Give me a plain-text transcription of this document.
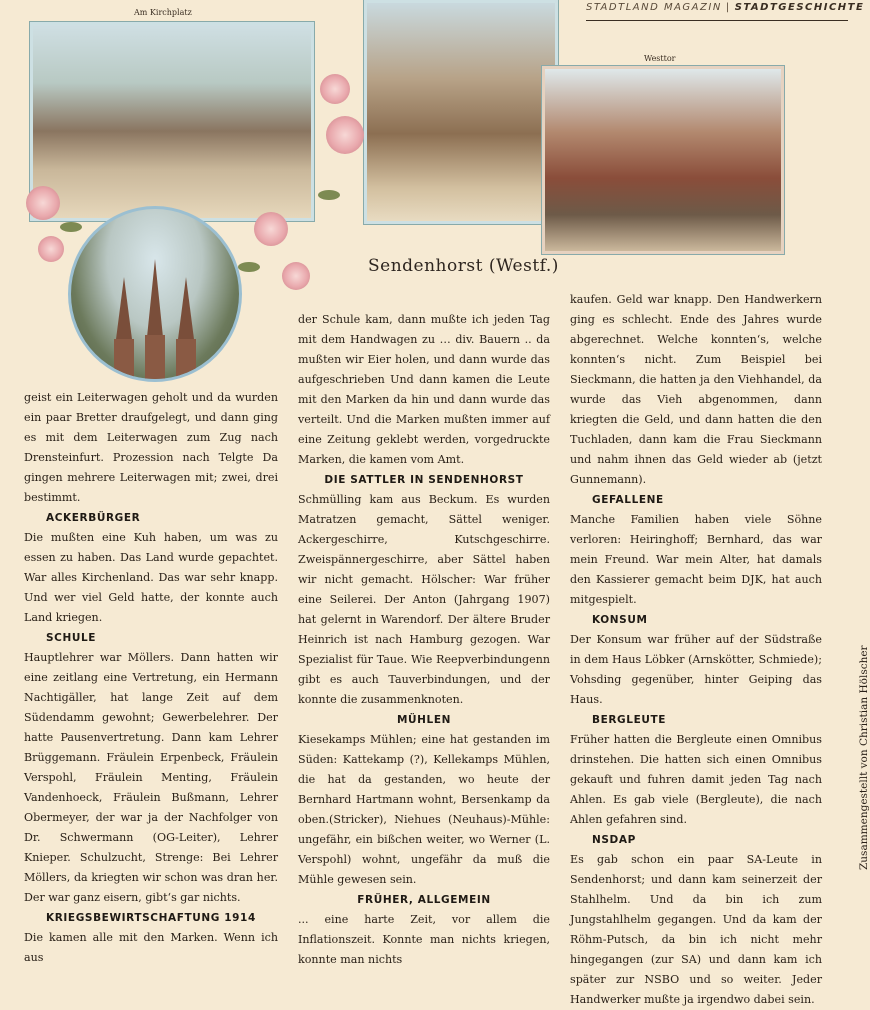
STADTLAND MAGAZIN | STADTGESCHICHTE
Am Kirchplatz
Westtor
Sendenhorst (Westf.)

geist ein Leiterwagen geholt und da wurden ein paar Bretter draufgelegt, und dann ging es mit dem Leiterwagen zum Zug nach Drensteinfurt. Prozession nach Telgte Da gingen mehrere Leiterwagen mit; zwei, drei bestimmt.

ACKERBÜRGER

Die mußten eine Kuh haben, um was zu essen zu haben. Das Land wurde gepachtet. War alles Kirchenland. Das war sehr knapp. Und wer viel Geld hatte, der konnte auch Land kriegen.

SCHULE

Hauptlehrer war Möllers. Dann hatten wir eine zeitlang eine Vertretung, ein Hermann Nachtigäller, hat lange Zeit auf dem Südendamm gewohnt; Gewerbelehrer. Der hatte Pausenvertretung. Dann kam Lehrer Brüggemann. Fräulein Erpenbeck, Fräulein Verspohl, Fräulein Menting, Fräulein Vandenhoeck, Fräulein Bußmann, Lehrer Obermeyer, der war ja der Nachfolger von Dr. Schwermann (OG-Leiter), Lehrer Knieper. Schulzucht, Strenge: Bei Lehrer Möllers, da kriegten wir schon was dran her. Der war ganz eisern, gibt‘s gar nichts.

KRIEGSBEWIRTSCHAFTUNG 1914

Die kamen alle mit den Marken. Wenn ich aus

der Schule kam, dann mußte ich jeden Tag mit dem Handwagen zu … div. Bauern .. da mußten wir Eier holen, und dann wurde das aufgeschrieben Und dann kamen die Leute mit den Marken da hin und dann wurde das verteilt. Und die Marken mußten immer auf eine Zeitung geklebt werden, vorgedruckte Marken, die kamen vom Amt.

DIE SATTLER IN SENDENHORST

Schmülling kam aus Beckum. Es wurden Matratzen gemacht, Sättel weniger. Ackergeschirre, Kutschgeschirre. Zweispännergeschirre, aber Sättel haben wir nicht gemacht. Hölscher: War früher eine Seilerei. Der Anton (Jahrgang 1907) hat gelernt in Warendorf. Der ältere Bruder Heinrich ist nach Hamburg gezogen. War Spezialist für Taue. Wie Reepverbindungenn gibt es auch Tauverbindungen, und der konnte die zusammenknoten.

MÜHLEN

Kiesekamps Mühlen; eine hat gestanden im Süden: Kattekamp (?), Kellekamps Mühlen, die hat da gestanden, wo heute der Bernhard Hartmann wohnt, Bersenkamp da oben.(Stricker), Niehues (Neuhaus)-Mühle: ungefähr, ein bißchen weiter, wo Werner (L. Verspohl) wohnt, ungefähr da muß die Mühle gewesen sein.

FRÜHER, ALLGEMEIN

... eine harte Zeit, vor allem die Inflationszeit. Konnte man nichts kriegen, konnte man nichts

kaufen. Geld war knapp. Den Handwerkern ging es schlecht. Ende des Jahres wurde abgerechnet. Welche konnten‘s, welche konnten‘s nicht. Zum Beispiel bei Sieckmann, die hatten ja den Viehhandel, da wurde das Vieh abgenommen, dann kriegten die Geld, und dann hatten die den Tuchladen, dann kam die Frau Sieckmann und nahm ihnen das Geld wieder ab (jetzt Gunnemann).

GEFALLENE

Manche Familien haben viele Söhne verloren: Heiringhoff; Bernhard, das war mein Freund. War mein Alter, hat damals den Kassierer gemacht beim DJK, hat auch mitgespielt.

KONSUM

Der Konsum war früher auf der Südstraße in dem Haus Löbker (Arnskötter, Schmiede); Vohsding gegenüber, hinter Geiping das Haus.

BERGLEUTE

Früher hatten die Bergleute einen Omnibus drinstehen. Die hatten sich einen Omnibus gekauft und fuhren damit jeden Tag nach Ahlen. Es gab viele (Bergleute), die nach Ahlen gefahren sind.

NSDAP

Es gab schon ein paar SA-Leute in Sendenhorst; und dann kam seinerzeit der Stahlhelm. Und da bin ich zum Jungstahlhelm gegangen. Und da kam der Röhm-Putsch, da bin ich nicht mehr hingegangen (zur SA) und dann kam ich später zur NSBO und so weiter. Jeder Handwerker mußte ja irgendwo dabei sein.

Zusammengestellt von Christian Hölscher
